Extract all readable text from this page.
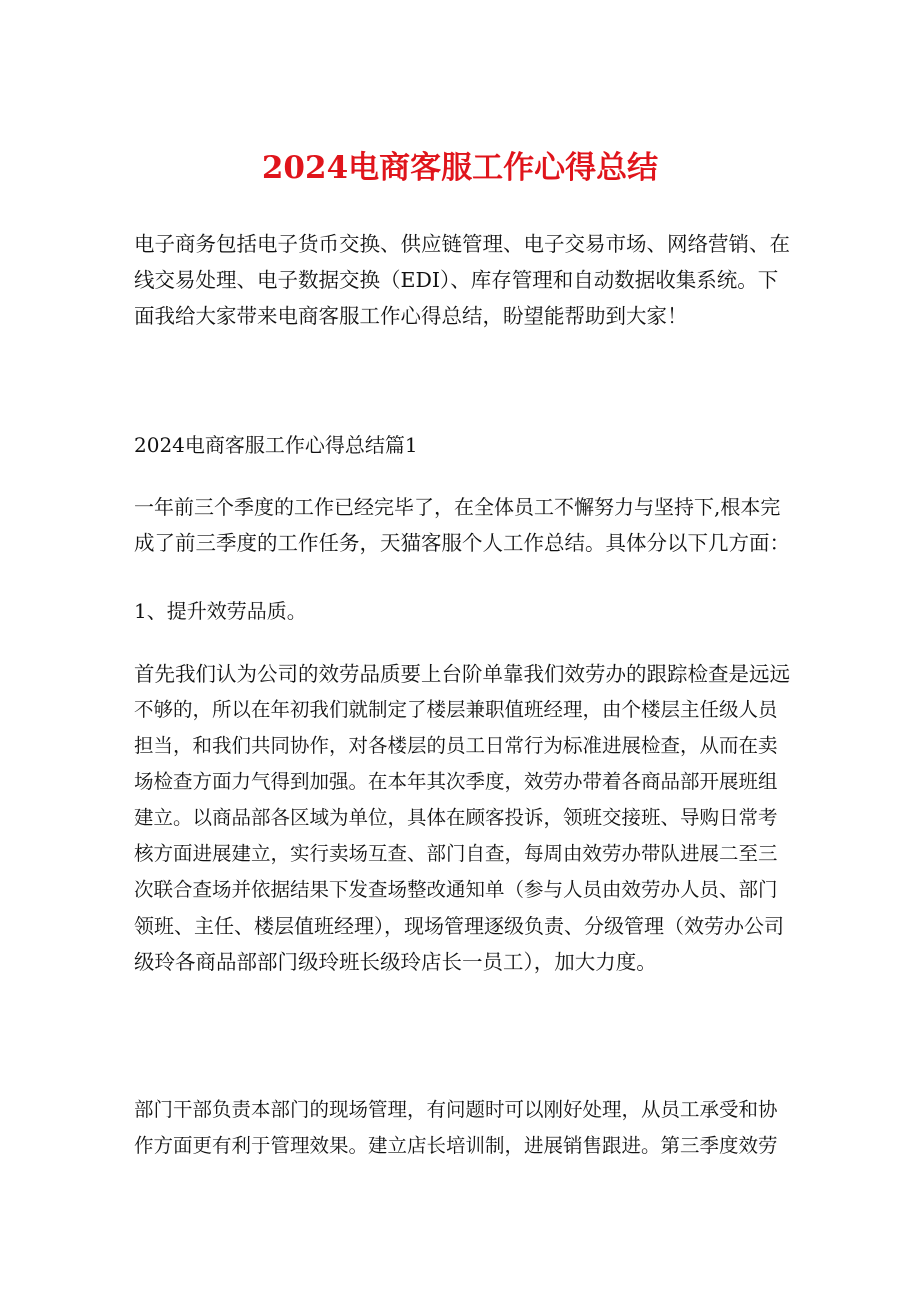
2024电商客服工作心得总结

电子商务包括电子货币交换、供应链管理、电子交易市场、网络营销、在
线交易处理、电子数据交换（EDI）、库存管理和自动数据收集系统。下
面我给大家带来电商客服工作心得总结，盼望能帮助到大家！

2024电商客服工作心得总结篇1

一年前三个季度的工作已经完毕了，在全体员工不懈努力与坚持下,根本完
成了前三季度的工作任务，天猫客服个人工作总结。具体分以下几方面：

1、提升效劳品质。

首先我们认为公司的效劳品质要上台阶单靠我们效劳办的跟踪检查是远远
不够的，所以在年初我们就制定了楼层兼职值班经理，由个楼层主任级人员
担当，和我们共同协作，对各楼层的员工日常行为标准进展检查，从而在卖
场检查方面力气得到加强。在本年其次季度，效劳办带着各商品部开展班组
建立。以商品部各区域为单位，具体在顾客投诉，领班交接班、导购日常考
核方面进展建立，实行卖场互查、部门自查，每周由效劳办带队进展二至三
次联合查场并依据结果下发查场整改通知单（参与人员由效劳办人员、部门
领班、主任、楼层值班经理），现场管理逐级负责、分级管理（效劳办公司
级玲各商品部部门级玲班长级玲店长一员工），加大力度。

部门干部负责本部门的现场管理，有问题时可以刚好处理，从员工承受和协
作方面更有利于管理效果。建立店长培训制，进展销售跟进。第三季度效劳
